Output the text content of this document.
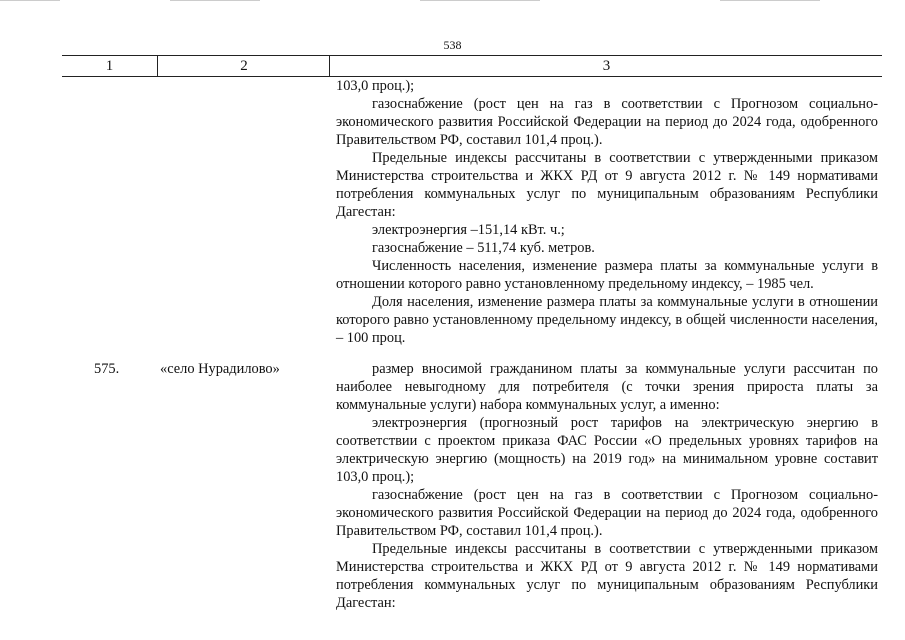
538
1	2	3

103,0 проц.);

газоснабжение (рост цен на газ в соответствии с Прогнозом социально-экономического развития Российской Федерации на период до 2024 года, одобренного Правительством РФ, составил 101,4 проц.).

Предельные индексы рассчитаны в соответствии с утвержденными приказом Министерства строительства и ЖКХ РД от 9 августа 2012 г. № 149 нормативами потребления коммунальных услуг по муниципальным образованиям Республики Дагестан:

электроэнергия –151,14 кВт. ч.;

газоснабжение – 511,74 куб. метров.

Численность населения, изменение размера платы за коммунальные услуги в отношении которого равно установленному предельному индексу, – 1985 чел.

Доля населения, изменение размера платы за коммунальные услуги в отношении которого равно установленному предельному индексу, в общей численности населения, – 100 проц.

575.	«село Нурадилово»	размер вносимой гражданином платы за коммунальные услуги рассчитан по наиболее невыгодному для потребителя (с точки зрения прироста платы за коммунальные услуги) набора коммунальных услуг, а именно:

электроэнергия (прогнозный рост тарифов на электрическую энергию в соответствии с проектом приказа ФАС России «О предельных уровнях тарифов на электрическую энергию (мощность) на 2019 год» на минимальном уровне составит 103,0 проц.);

газоснабжение (рост цен на газ в соответствии с Прогнозом социально-экономического развития Российской Федерации на период до 2024 года, одобренного Правительством РФ, составил 101,4 проц.).

Предельные индексы рассчитаны в соответствии с утвержденными приказом Министерства строительства и ЖКХ РД от 9 августа 2012 г. № 149 нормативами потребления коммунальных услуг по муниципальным образованиям Республики Дагестан:
